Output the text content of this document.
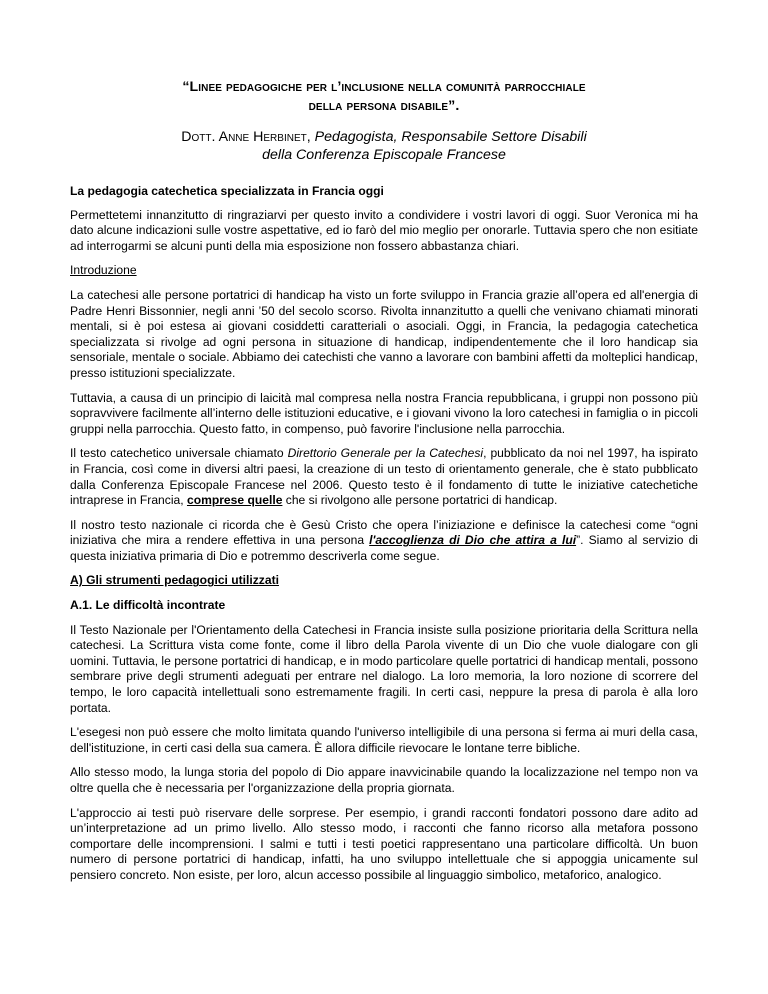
“Linee pedagogiche per l’inclusione nella comunità parrocchiale
della persona disabile”.
Dott. Anne Herbinet, Pedagogista, Responsabile Settore Disabili
della Conferenza Episcopale Francese
La pedagogia catechetica specializzata in Francia oggi

Permettetemi innanzitutto di ringraziarvi per questo invito a condividere i vostri lavori di oggi. Suor Veronica mi ha dato alcune indicazioni sulle vostre aspettative, ed io farò del mio meglio per onorarle. Tuttavia spero che non esitiate ad interrogarmi se alcuni punti della mia esposizione non fossero abbastanza chiari.

Introduzione

La catechesi alle persone portatrici di handicap ha visto un forte sviluppo in Francia grazie all’opera ed all'energia di Padre Henri Bissonnier, negli anni ’50 del secolo scorso. Rivolta innanzitutto a quelli che venivano chiamati minorati mentali, si è poi estesa ai giovani cosiddetti caratteriali o asociali. Oggi, in Francia, la pedagogia catechetica specializzata si rivolge ad ogni persona in situazione di handicap, indipendentemente che il loro handicap sia sensoriale, mentale o sociale. Abbiamo dei catechisti che vanno a lavorare con bambini affetti da molteplici handicap, presso istituzioni specializzate.

Tuttavia, a causa di un principio di laicità mal compresa nella nostra Francia repubblicana, i gruppi non possono più sopravvivere facilmente all’interno delle istituzioni educative, e i giovani vivono la loro catechesi in famiglia o in piccoli gruppi nella parrocchia. Questo fatto, in compenso, può favorire l'inclusione nella parrocchia.

Il testo catechetico universale chiamato Direttorio Generale per la Catechesi, pubblicato da noi nel 1997, ha ispirato in Francia, così come in diversi altri paesi, la creazione di un testo di orientamento generale, che è stato pubblicato dalla Conferenza Episcopale Francese nel 2006. Questo testo è il fondamento di tutte le iniziative catechetiche intraprese in Francia, comprese quelle che si rivolgono alle persone portatrici di handicap.

Il nostro testo nazionale ci ricorda che è Gesù Cristo che opera l’iniziazione e definisce la catechesi come “ogni iniziativa che mira a rendere effettiva in una persona l'accoglienza di Dio che attira a lui”. Siamo al servizio di questa iniziativa primaria di Dio e potremmo descriverla come segue.

A) Gli strumenti pedagogici utilizzati
A.1. Le difficoltà incontrate

Il Testo Nazionale per l'Orientamento della Catechesi in Francia insiste sulla posizione prioritaria della Scrittura nella catechesi. La Scrittura vista come fonte, come il libro della Parola vivente di un Dio che vuole dialogare con gli uomini. Tuttavia, le persone portatrici di handicap, e in modo particolare quelle portatrici di handicap mentali, possono sembrare prive degli strumenti adeguati per entrare nel dialogo. La loro memoria, la loro nozione di scorrere del tempo, le loro capacità intellettuali sono estremamente fragili. In certi casi, neppure la presa di parola è alla loro portata.

L'esegesi non può essere che molto limitata quando l'universo intelligibile di una persona si ferma ai muri della casa, dell'istituzione, in certi casi della sua camera. È allora difficile rievocare le lontane terre bibliche.

Allo stesso modo, la lunga storia del popolo di Dio appare inavvicinabile quando la localizzazione nel tempo non va oltre quella che è necessaria per l'organizzazione della propria giornata.

L'approccio ai testi può riservare delle sorprese. Per esempio, i grandi racconti fondatori possono dare adito ad un’interpretazione ad un primo livello. Allo stesso modo, i racconti che fanno ricorso alla metafora possono comportare delle incomprensioni. I salmi e tutti i testi poetici rappresentano una particolare difficoltà. Un buon numero di persone portatrici di handicap, infatti, ha uno sviluppo intellettuale che si appoggia unicamente sul pensiero concreto. Non esiste, per loro, alcun accesso possibile al linguaggio simbolico, metaforico, analogico.
